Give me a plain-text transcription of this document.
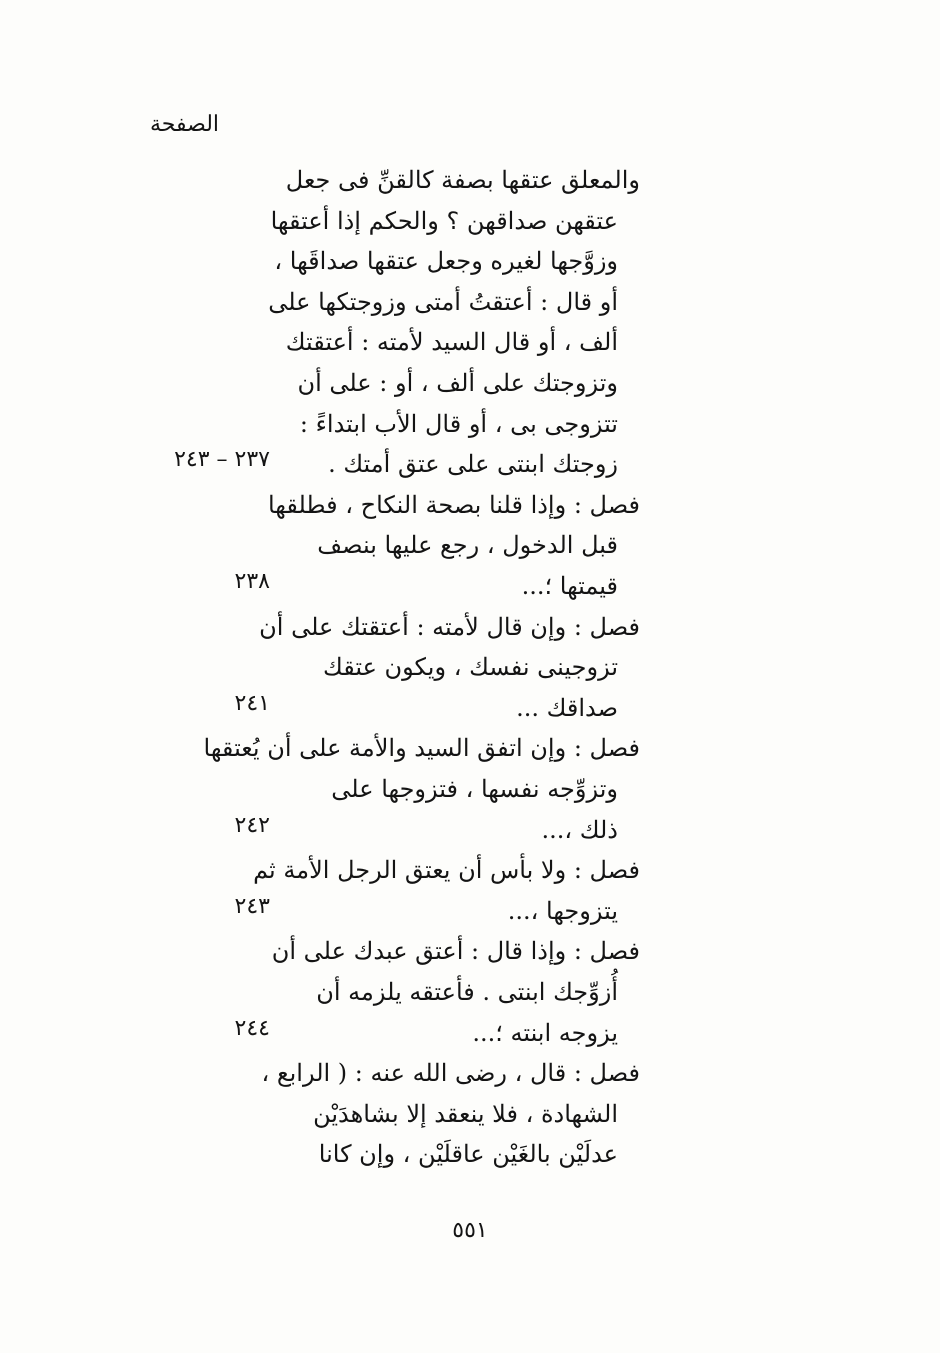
الصفحة
والمعلق عتقها بصفة كالقنِّ فى جعل
عتقهن صداقهن ؟ والحكم إذا أعتقها
وزوَّجها لغيره وجعل عتقها صداقَها ،
أو قال : أعتقتُ أمتى وزوجتكها على
ألف ، أو قال السيد لأمته : أعتقتك
وتزوجتك على ألف ، أو : على أن
تتزوجى بى ، أو قال الأب ابتداءً :
زوجتك ابنتى على عتق أمتك .
٢٣٧ – ٢٤٣
فصل : وإذا قلنا بصحة النكاح ، فطلقها
قبل الدخول ، رجع عليها بنصف
قيمتها ؛...
٢٣٨
فصل : وإن قال لأمته : أعتقتك على أن
تزوجينى نفسك ، ويكون عتقك
صداقك ...
٢٤١
فصل : وإن اتفق السيد والأمة على أن يُعتقها
وتزوِّجه نفسها ، فتزوجها على
ذلك ،...
٢٤٢
فصل : ولا بأس أن يعتق الرجل الأمة ثم
يتزوجها ،...
٢٤٣
فصل : وإذا قال : أعتق عبدك على أن
أُزوِّجك ابنتى . فأعتقه يلزمه أن
يزوجه ابنته ؛...
٢٤٤
فصل : قال ، رضى الله عنه : ( الرابع ،
الشهادة ، فلا ينعقد إلا بشاهدَيْن
عدلَيْن بالغَيْن عاقلَيْن ، وإن كانا
٥٥١
